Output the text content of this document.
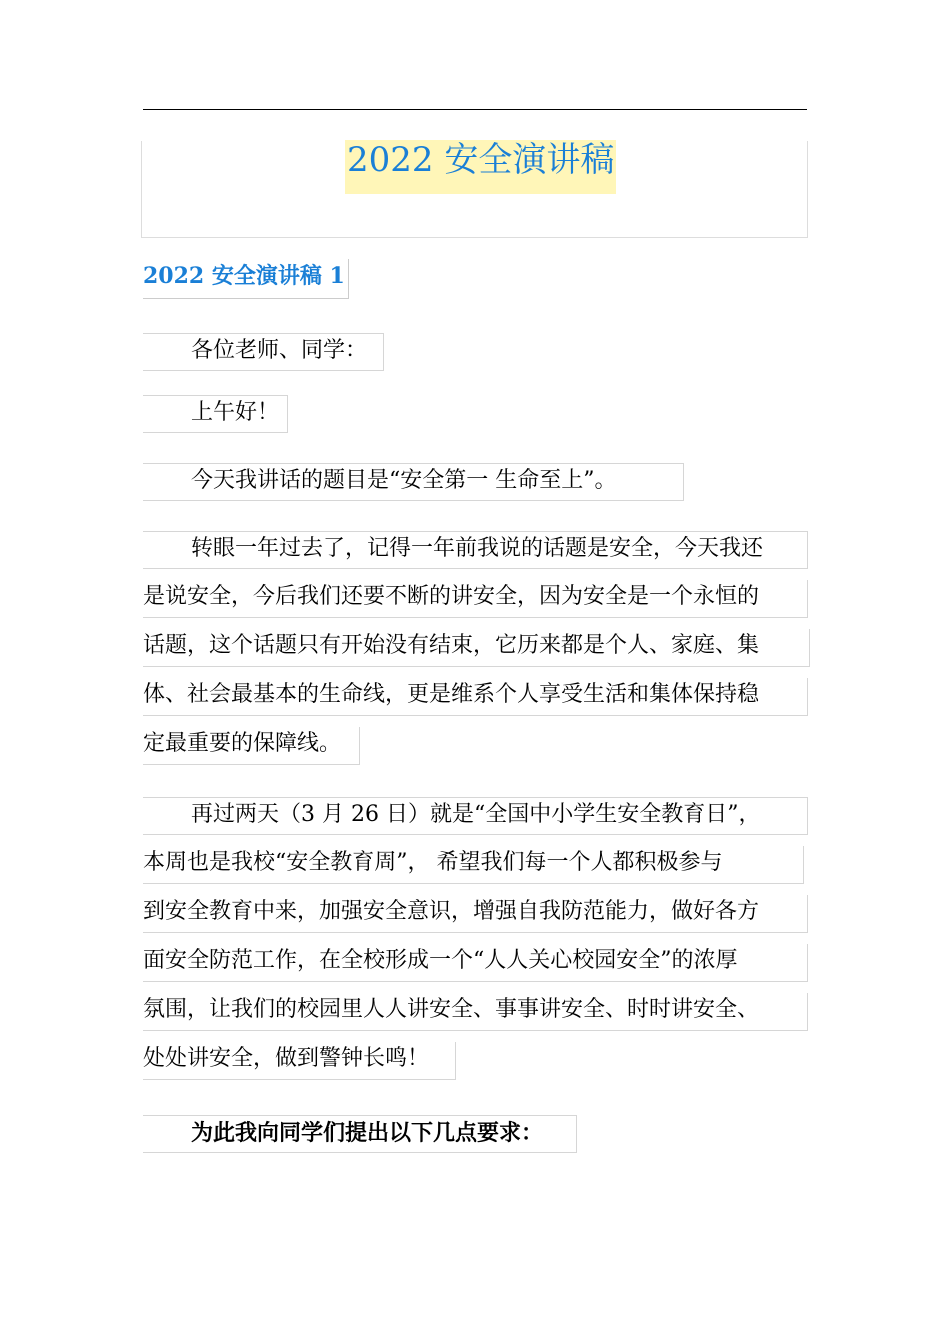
2022 安全演讲稿
2022 安全演讲稿 1
各位老师、同学：
上午好！
今天我讲话的题目是“安全第一 生命至上”。
转眼一年过去了，记得一年前我说的话题是安全，今天我还
是说安全，今后我们还要不断的讲安全，因为安全是一个永恒的
话题，这个话题只有开始没有结束，它历来都是个人、家庭、集
体、社会最基本的生命线，更是维系个人享受生活和集体保持稳
定最重要的保障线。
再过两天（3 月 26 日）就是“全国中小学生安全教育日”，
本周也是我校“安全教育周”， 希望我们每一个人都积极参与
到安全教育中来，加强安全意识，增强自我防范能力，做好各方
面安全防范工作，在全校形成一个“人人关心校园安全”的浓厚
氛围，让我们的校园里人人讲安全、事事讲安全、时时讲安全、
处处讲安全，做到警钟长鸣！
为此我向同学们提出以下几点要求：
